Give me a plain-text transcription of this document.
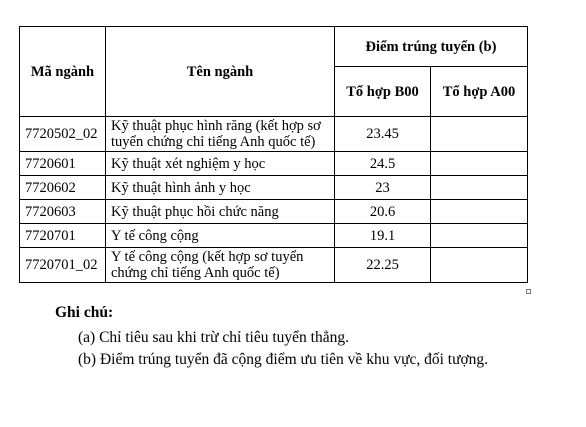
Mã ngành	Tên ngành	Điểm trúng tuyển (b)	
		Tổ hợp B00	Tổ hợp A00
7720502_02	Kỹ thuật phục hình răng (kết hợp sơ tuyển chứng chỉ tiếng Anh quốc tế)	23.45	
7720601	Kỹ thuật xét nghiệm y học	24.5	
7720602	Kỹ thuật hình ảnh y học	23	
7720603	Kỹ thuật phục hồi chức năng	20.6	
7720701	Y tế công cộng	19.1	
7720701_02	Y tế công cộng (kết hợp sơ tuyển chứng chỉ tiếng Anh quốc tế)	22.25	
Ghi chú:
(a) Chỉ tiêu sau khi trừ chỉ tiêu tuyển thẳng.
(b) Điểm trúng tuyển đã cộng điểm ưu tiên về khu vực, đối tượng.
